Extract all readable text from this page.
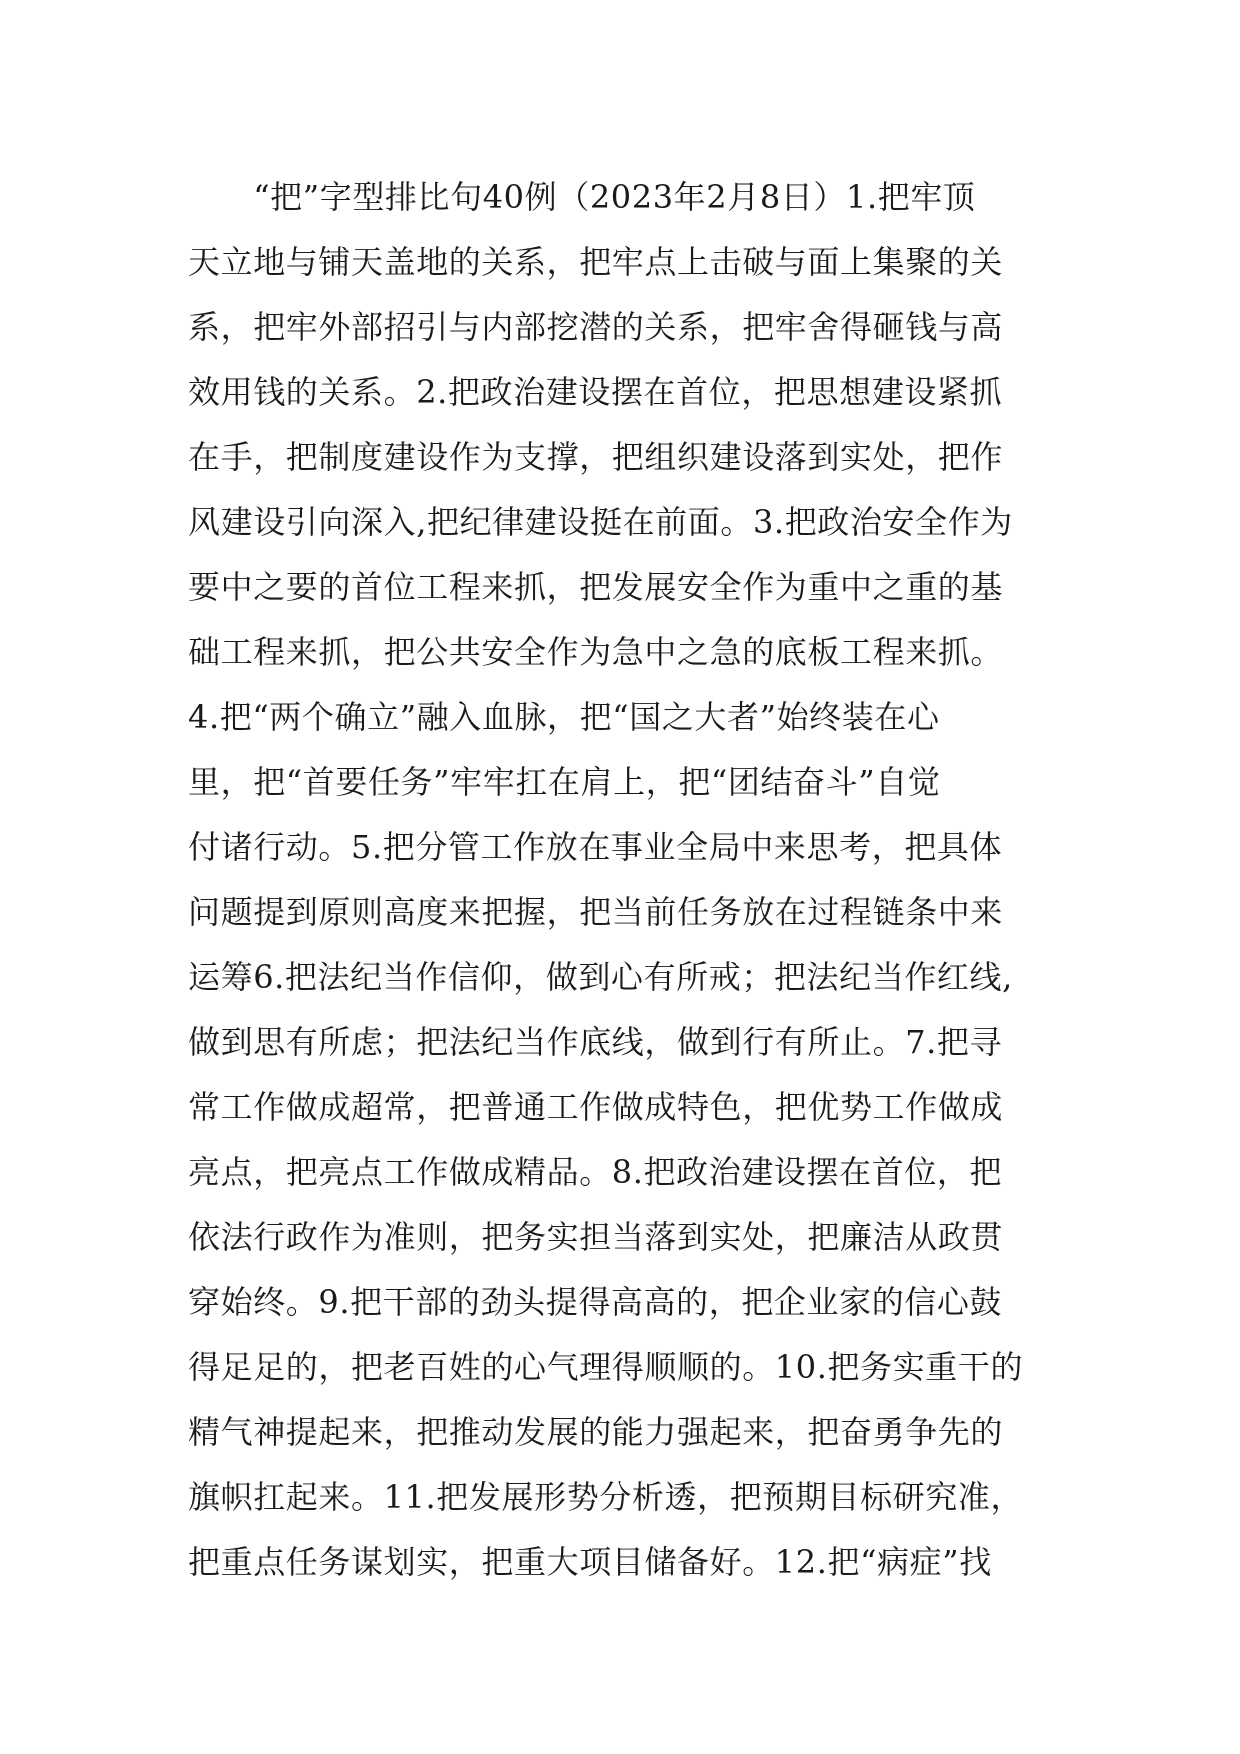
　　“把”字型排比句40例（2023年2月8日）1.把牢顶
天立地与铺天盖地的关系，把牢点上击破与面上集聚的关
系，把牢外部招引与内部挖潜的关系，把牢舍得砸钱与高
效用钱的关系。2.把政治建设摆在首位，把思想建设紧抓
在手，把制度建设作为支撑，把组织建设落到实处，把作
风建设引向深入,把纪律建设挺在前面。3.把政治安全作为
要中之要的首位工程来抓，把发展安全作为重中之重的基
础工程来抓，把公共安全作为急中之急的底板工程来抓。
4.把“两个确立”融入血脉，把“国之大者”始终装在心
里，把“首要任务”牢牢扛在肩上，把“团结奋斗”自觉
付诸行动。5.把分管工作放在事业全局中来思考，把具体
问题提到原则高度来把握，把当前任务放在过程链条中来
运筹6.把法纪当作信仰，做到心有所戒；把法纪当作红线,
做到思有所虑；把法纪当作底线，做到行有所止。7.把寻
常工作做成超常，把普通工作做成特色，把优势工作做成
亮点，把亮点工作做成精品。8.把政治建设摆在首位，把
依法行政作为准则，把务实担当落到实处，把廉洁从政贯
穿始终。9.把干部的劲头提得高高的，把企业家的信心鼓
得足足的，把老百姓的心气理得顺顺的。10.把务实重干的
精气神提起来，把推动发展的能力强起来，把奋勇争先的
旗帜扛起来。11.把发展形势分析透，把预期目标研究准，
把重点任务谋划实，把重大项目储备好。12.把“病症”找
